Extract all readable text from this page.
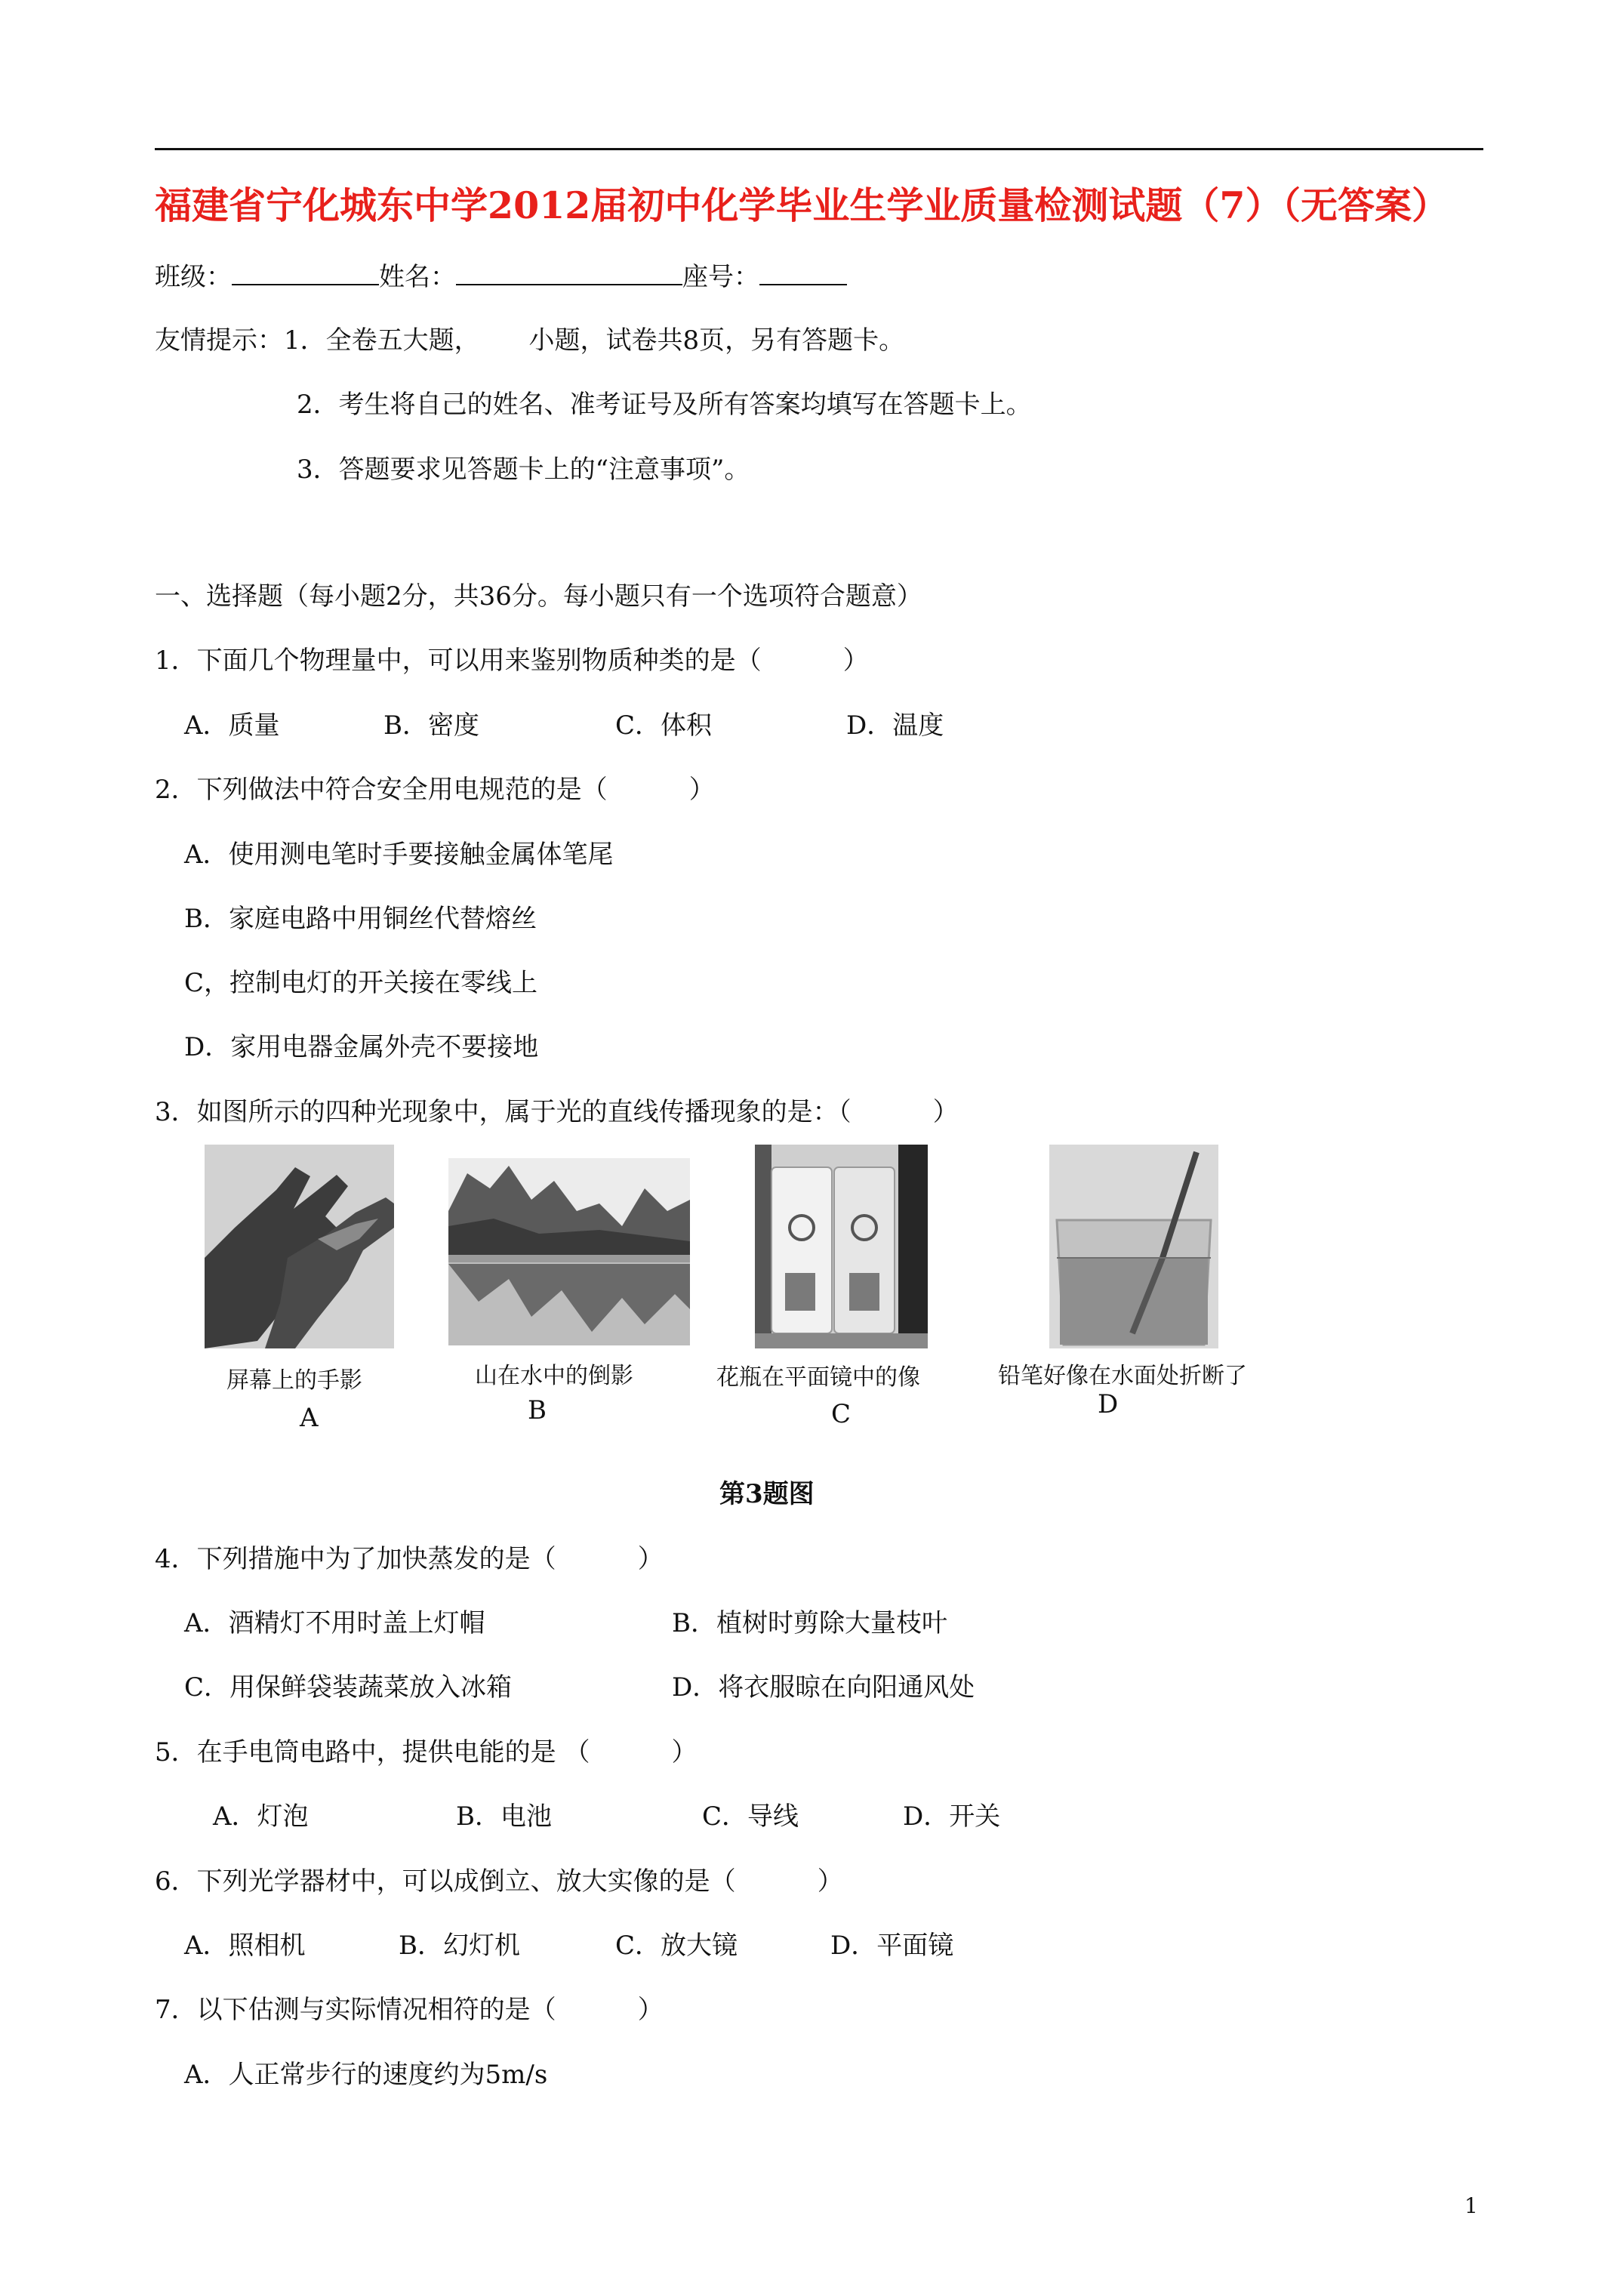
福建省宁化城东中学2012届初中化学毕业生学业质量检测试题（7）（无答案）
班级：	姓名：	座号：
友情提示： 1．全卷五大题，      小题，试卷共8页，另有答题卡。
2．考生将自己的姓名、准考证号及所有答案均填写在答题卡上。
3．答题要求见答题卡上的“注意事项”。
一、选择题（每小题2分，共36分。每小题只有一个选项符合题意）
1．下面几个物理量中，可以用来鉴别物质种类的是（          ）
A．质量	B．密度	C．体积	D．温度
2．下列做法中符合安全用电规范的是（          ）
A．使用测电笔时手要接触金属体笔尾
B．家庭电路中用铜丝代替熔丝
C，控制电灯的开关接在零线上
D．家用电器金属外壳不要接地
3．如图所示的四种光现象中，属于光的直线传播现象的是：（          ）
屏幕上的手影
A
山在水中的倒影
B
花瓶在平面镜中的像
C
铅笔好像在水面处折断了
D
第3题图
4．下列措施中为了加快蒸发的是（          ）
A．酒精灯不用时盖上灯帽	B．植树时剪除大量枝叶
C．用保鲜袋装蔬菜放入冰箱	D．将衣服晾在向阳通风处
5．在手电筒电路中，提供电能的是 （          ）
A．灯泡	B．电池	C．导线	D．开关
6．下列光学器材中，可以成倒立、放大实像的是（          ）
A．照相机	B．幻灯机	C．放大镜	D．平面镜
7．以下估测与实际情况相符的是（          ）
A．人正常步行的速度约为5m/s
1
